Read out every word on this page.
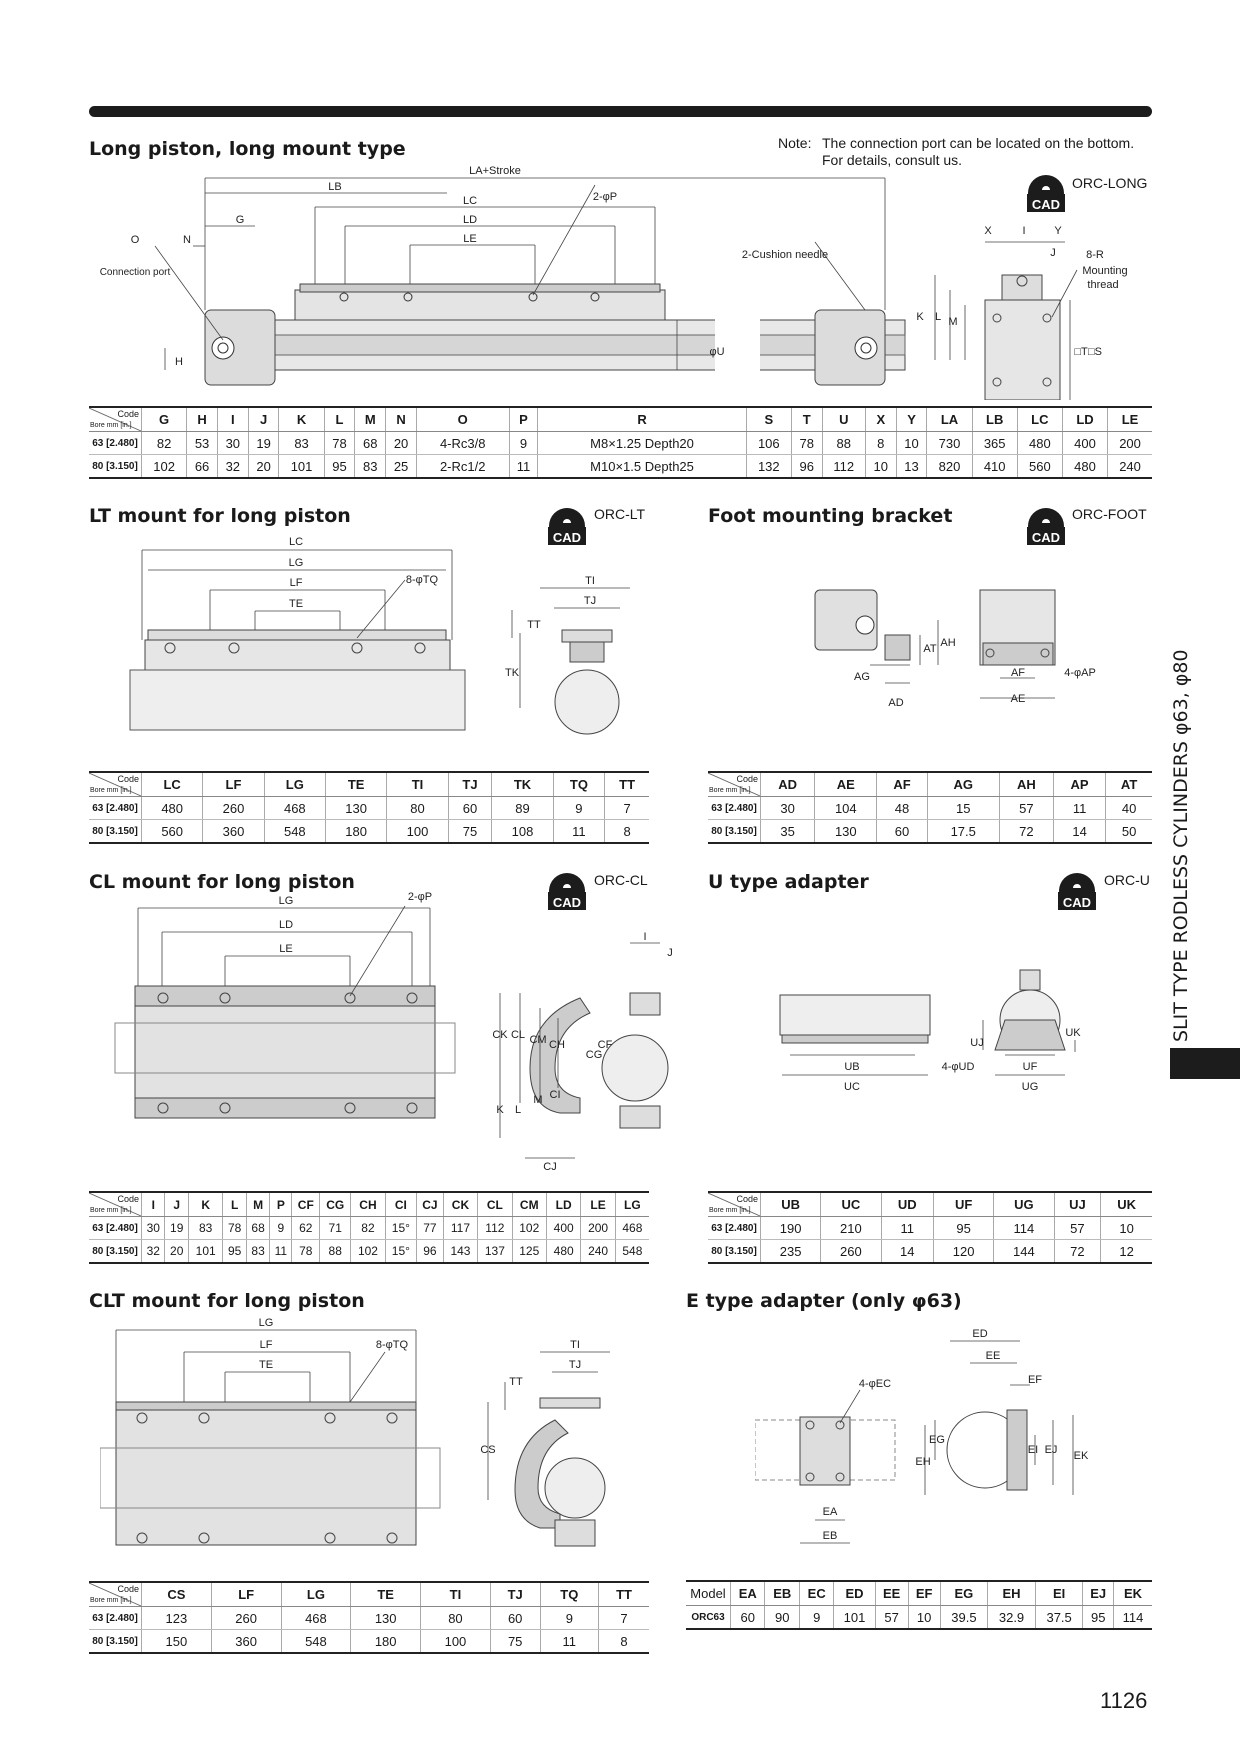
Long piston, long mount type	Note: The connection port can be located on the bottom.
For details, consult us.
CAD
ORC-LONG
LA+Stroke
LB
LC
LD
LE
G
N
O
Connection port
2-φP
2-Cushion needle
H
φU
X	I	Y
J	8-R
Mounting
thread
K L M
□T □S
Code
Bore mm [in.]	G	H	I	J	K	L	M	N	O	P	R	S	T	U	X	Y	LA	LB	LC	LD	LE
63 [2.480]	82	53	30	19	83	78	68	20	4-Rc3/8	9	M8×1.25 Depth20	106	78	88	8	10	730	365	480	400	200
80 [3.150]	102	66	32	20	101	95	83	25	2-Rc1/2	11	M10×1.5 Depth25	132	96	112	10	13	820	410	560	480	240
LT mount for long piston
CAD
ORC-LT
LC
LG
LF
TE
8-φTQ	TI
TJ
TT
TK
Code
Bore mm [in.]	LC	LF	LG	TE	TI	TJ	TK	TQ	TT
63 [2.480]	480	260	468	130	80	60	89	9	7
80 [3.150]	560	360	548	180	100	75	108	11	8
Foot mounting bracket
CAD
ORC-FOOT
AG
AD
AT AH
AF	4-φAP
AE
Code
Bore mm [in.]	AD	AE	AF	AG	AH	AP	AT
63 [2.480]	30	104	48	15	57	11	40
80 [3.150]	35	130	60	17.5	72	14	50
CL mount for long piston
CAD
ORC-CL
LG
LD
LE
2-φP
I
J
CK CL CM CH
CG
CF
CI
K L
M
CJ
Code
Bore mm [in.]	I	J	K	L	M	P	CF	CG	CH	CI	CJ	CK	CL	CM	LD	LE	LG
63 [2.480]	30	19	83	78	68	9	62	71	82	15°	77	117	112	102	400	200	468
80 [3.150]	32	20	101	95	83	11	78	88	102	15°	96	143	137	125	480	240	548
U type adapter
CAD
ORC-U
UB
UC
4-φUD	UF
UG
UJ
UK
Code
Bore mm [in.]	UB	UC	UD	UF	UG	UJ	UK
63 [2.480]	190	210	11	95	114	57	10
80 [3.150]	235	260	14	120	144	72	12
CLT mount for long piston
LG
LF
TE
8-φTQ	TI
TJ
TT
CS
Code
Bore mm [in.]	CS	LF	LG	TE	TI	TJ	TQ	TT
63 [2.480]	123	260	468	130	80	60	9	7
80 [3.150]	150	360	548	180	100	75	11	8
E type adapter (only φ63)
ED
EE
EF
4-φEC
EG
EH
EI EJ EK
EA
EB
Model	EA	EB	EC	ED	EE	EF	EG	EH	EI	EJ	EK
ORC63	60	90	9	101	57	10	39.5	32.9	37.5	95	114
SLIT TYPE RODLESS CYLINDERS φ63, φ80
1126
